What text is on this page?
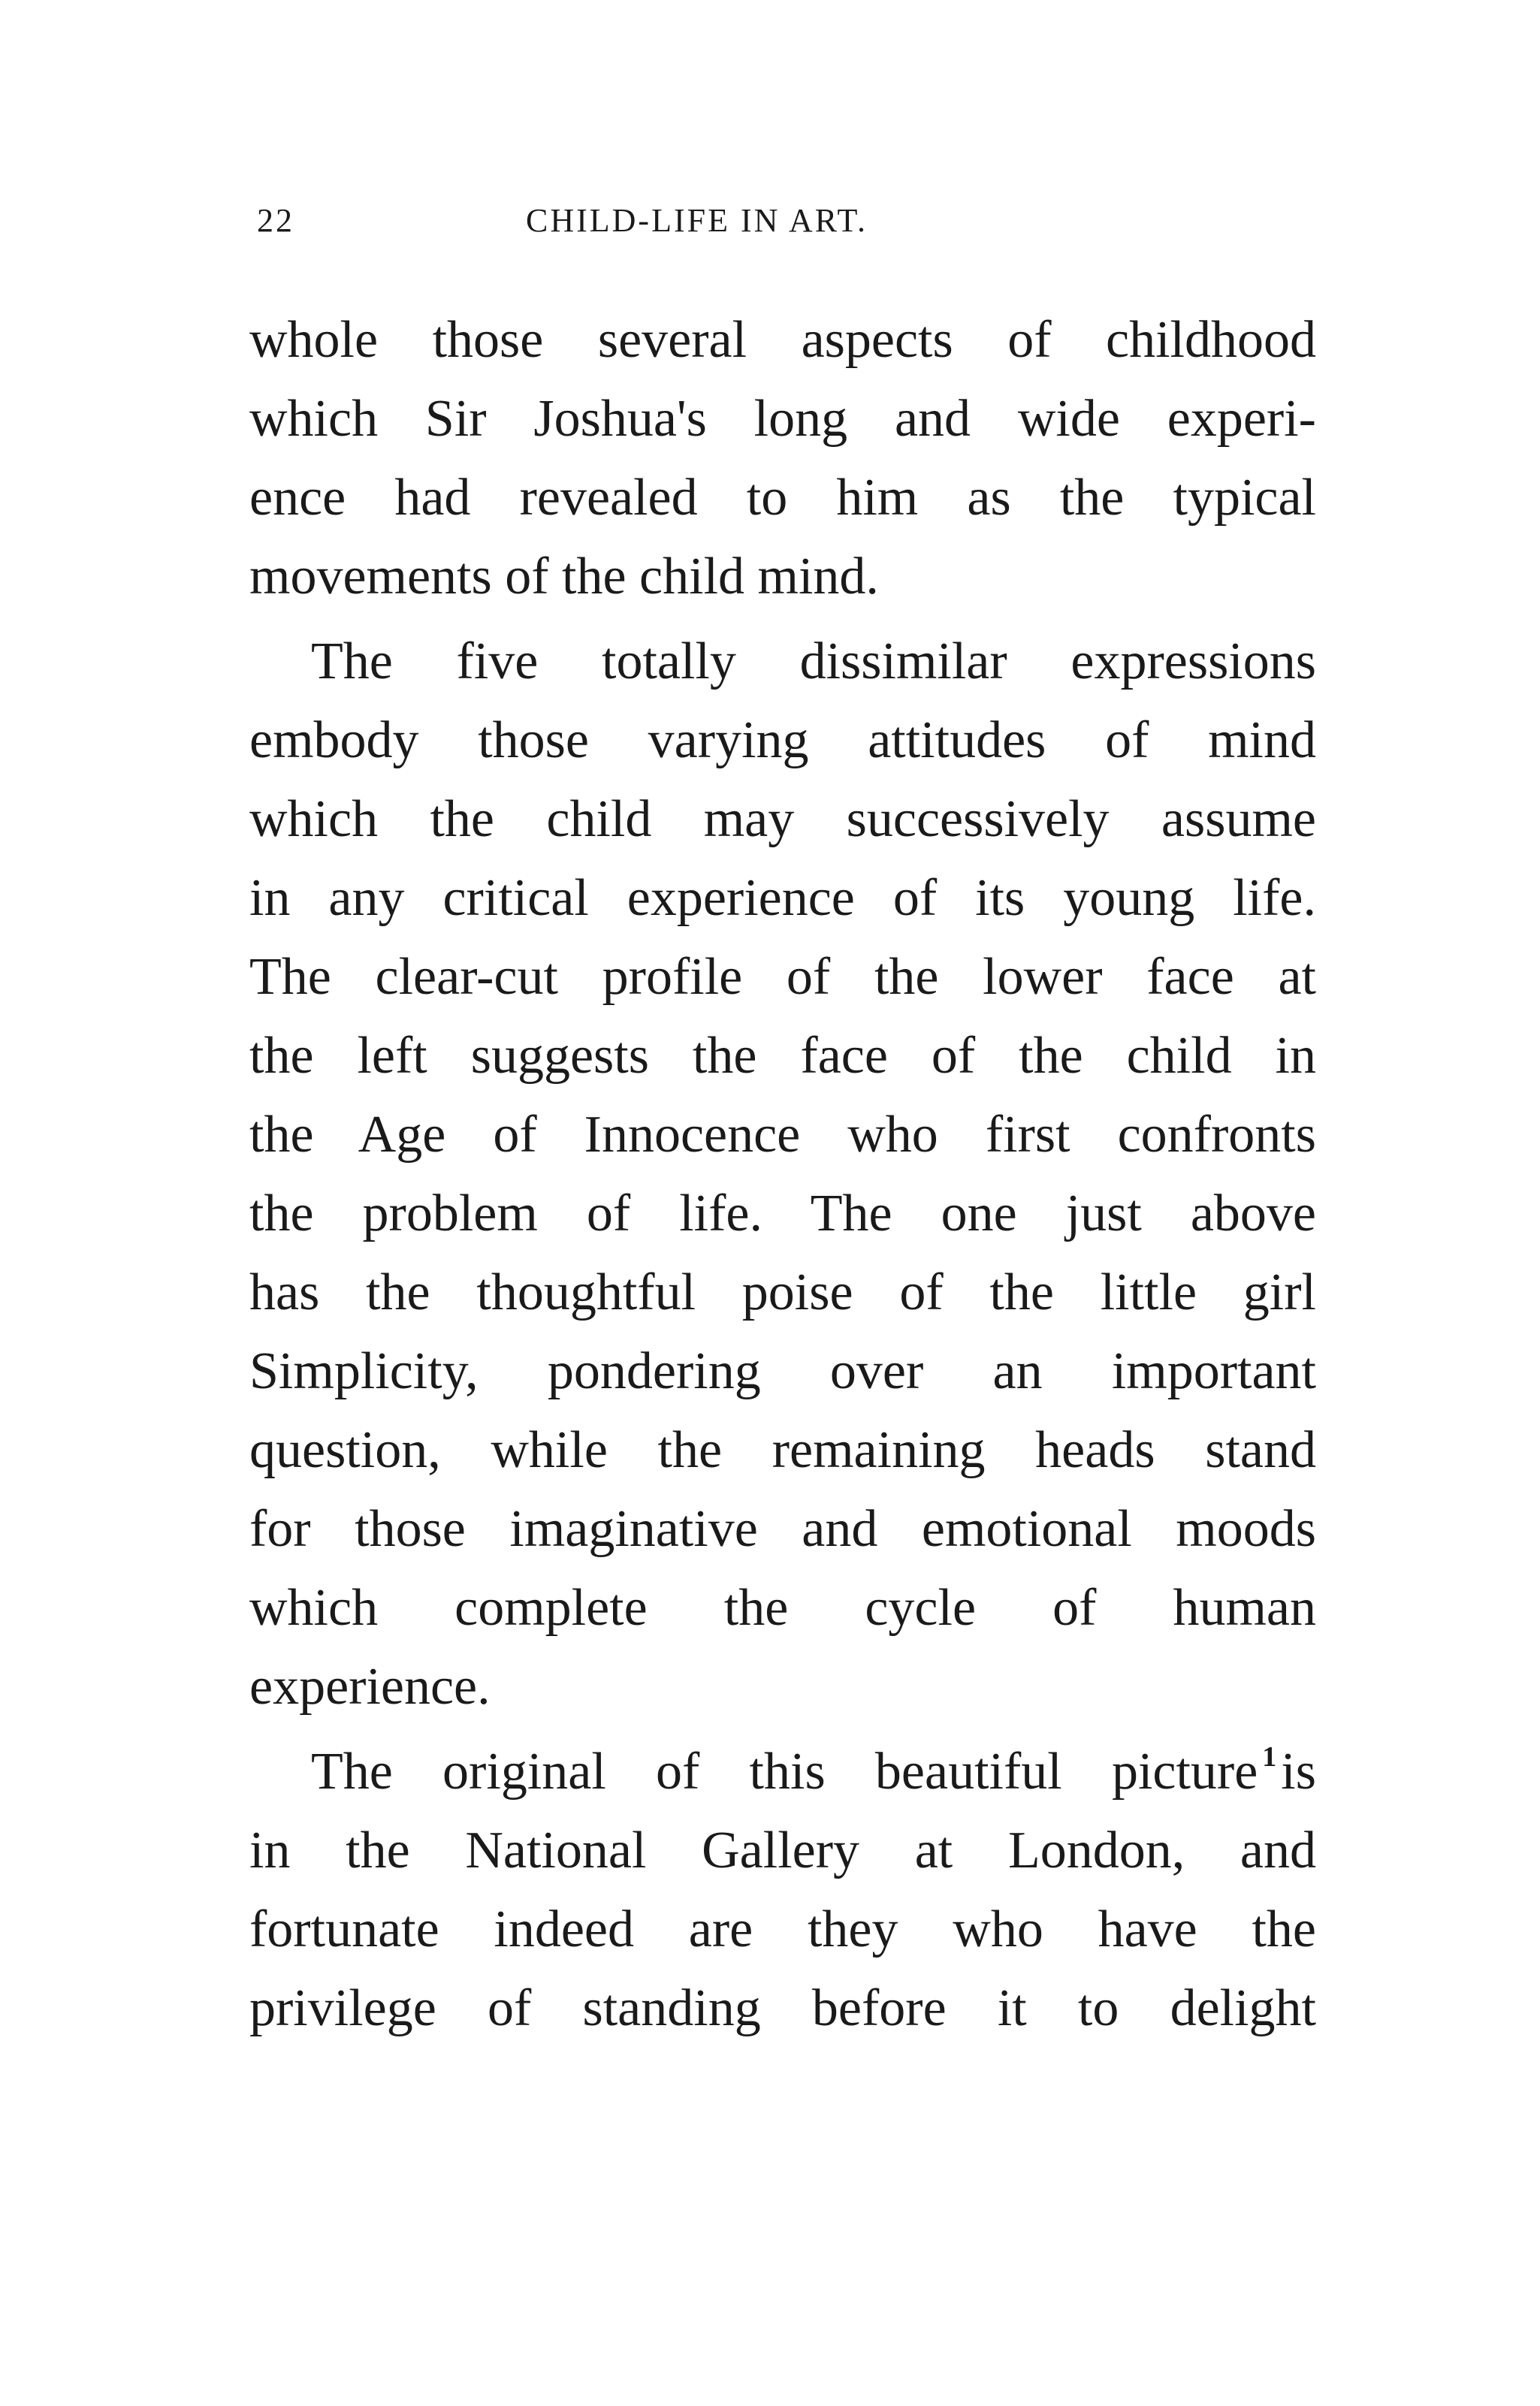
22	CHILD-LIFE IN ART.
whole those several aspects of childhood
which Sir Joshua's long and wide experi-
ence had revealed to him as the typical
movements of the child mind.
The five totally dissimilar expressions
embody those varying attitudes of mind
which the child may successively assume
in any critical experience of its young life.
The clear-cut profile of the lower face at
the left suggests the face of the child in
the Age of Innocence who first confronts
the problem of life. The one just above
has the thoughtful poise of the little girl
Simplicity, pondering over an important
question, while the remaining heads stand
for those imaginative and emotional moods
which complete the cycle of human
experience.
The original of this beautiful picture $^1$is
in the National Gallery at London, and
fortunate indeed are they who have the
privilege of standing before it to delight
